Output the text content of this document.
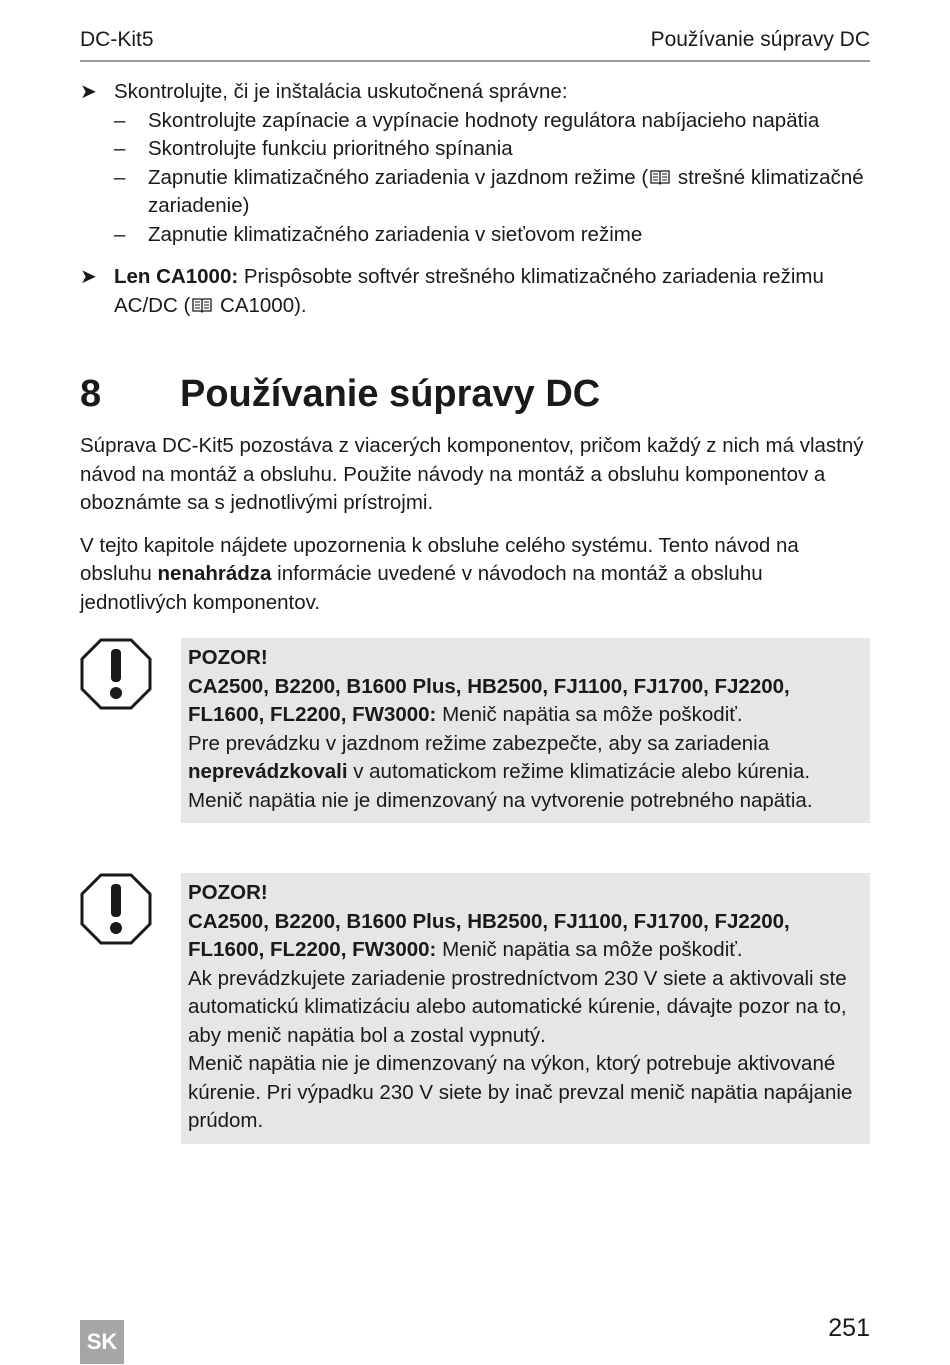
DC-Kit5	Používanie súpravy DC
➤ Skontrolujte, či je inštalácia uskutočnená správne:
– Skontrolujte zapínacie a vypínacie hodnoty regulátora nabíjacieho napätia
– Skontrolujte funkciu prioritného spínania
– Zapnutie klimatizačného zariadenia v jazdnom režime ( strešné klimatizačné zariadenie)
– Zapnutie klimatizačného zariadenia v sieťovom režime
➤ Len CA1000: Prispôsobte softvér strešného klimatizačného zariadenia režimu AC/DC ( CA1000).
8 Používanie súpravy DC

Súprava DC-Kit5 pozostáva z viacerých komponentov, pričom každý z nich má vlastný návod na montáž a obsluhu. Použite návody na montáž a obsluhu komponentov a oboznámte sa s jednotlivými prístrojmi.

V tejto kapitole nájdete upozornenia k obsluhe celého systému. Tento návod na obsluhu nenahrádza informácie uvedené v návodoch na montáž a obsluhu jednotlivých komponentov.

POZOR!
CA2500, B2200, B1600 Plus, HB2500, FJ1100, FJ1700, FJ2200, FL1600, FL2200, FW3000: Menič napätia sa môže poškodiť.
Pre prevádzku v jazdnom režime zabezpečte, aby sa zariadenia neprevádzkovali v automatickom režime klimatizácie alebo kúrenia.
Menič napätia nie je dimenzovaný na vytvorenie potrebného napätia.
POZOR!
CA2500, B2200, B1600 Plus, HB2500, FJ1100, FJ1700, FJ2200, FL1600, FL2200, FW3000: Menič napätia sa môže poškodiť.
Ak prevádzkujete zariadenie prostredníctvom 230 V siete a aktivovali ste automatickú klimatizáciu alebo automatické kúrenie, dávajte pozor na to, aby menič napätia bol a zostal vypnutý.
Menič napätia nie je dimenzovaný na výkon, ktorý potrebuje aktivované kúrenie. Pri výpadku 230 V siete by inač prevzal menič napätia napájanie prúdom.
SK	251
